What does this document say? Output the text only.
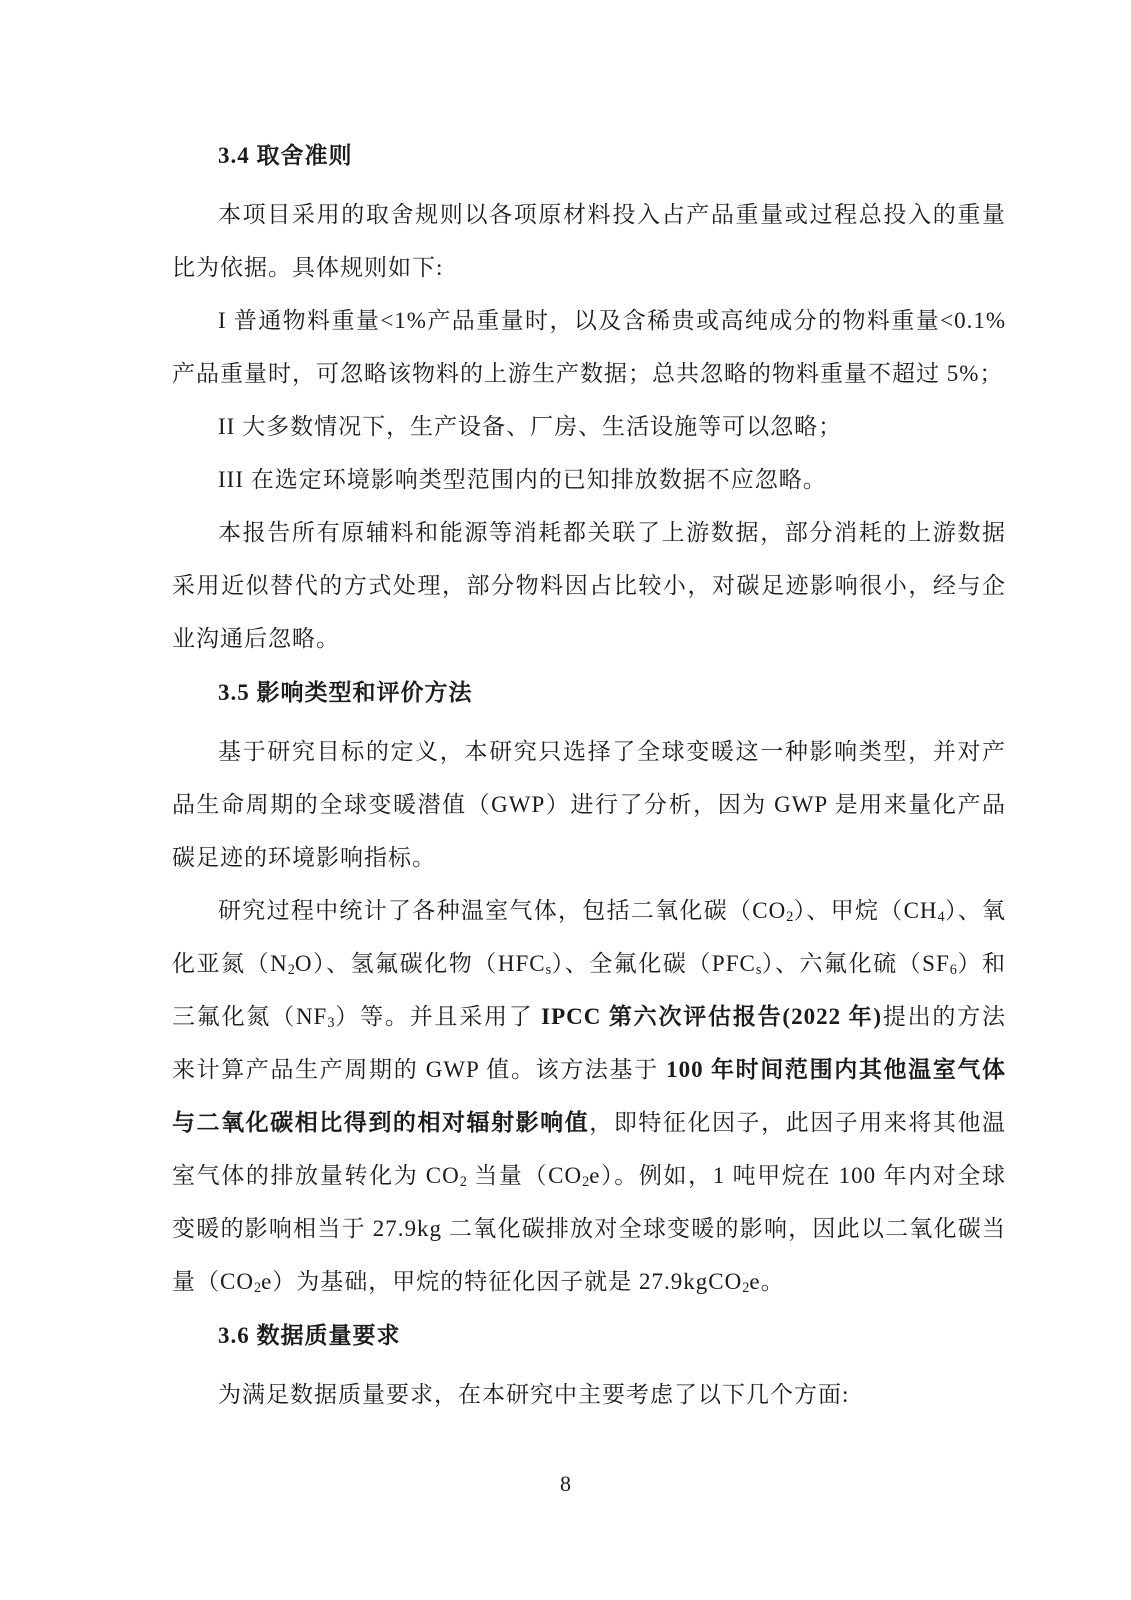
3.4 取舍准则

本项目采用的取舍规则以各项原材料投入占产品重量或过程总投入的重量比为依据。具体规则如下:

I 普通物料重量<1%产品重量时，以及含稀贵或高纯成分的物料重量<0.1%产品重量时，可忽略该物料的上游生产数据；总共忽略的物料重量不超过 5%；

II 大多数情况下，生产设备、厂房、生活设施等可以忽略；

III 在选定环境影响类型范围内的已知排放数据不应忽略。

本报告所有原辅料和能源等消耗都关联了上游数据，部分消耗的上游数据采用近似替代的方式处理，部分物料因占比较小，对碳足迹影响很小，经与企业沟通后忽略。

3.5 影响类型和评价方法

基于研究目标的定义，本研究只选择了全球变暖这一种影响类型，并对产品生命周期的全球变暖潜值（GWP）进行了分析，因为 GWP 是用来量化产品碳足迹的环境影响指标。

研究过程中统计了各种温室气体，包括二氧化碳$(CO_2)$、甲烷$(CH_4)$、氧化亚氮$(N_2O)$、氢氟碳化物$(HFC_s)$、全氟化碳$(PFC_s)$、六氟化硫$(SF_6)$和三氟化氮$(NF_3)$等。并且采用了 IPCC 第六次评估报告(2022 年)提出的方法来计算产品生产周期的 GWP 值。该方法基于 100 年时间范围内其他温室气体与二氧化碳相比得到的相对辐射影响值，即特征化因子，此因子用来将其他温室气体的排放量转化为 $CO_2$ 当量$(CO_2e)$。例如，1 吨甲烷在 100 年内对全球变暖的影响相当于 27.9kg 二氧化碳排放对全球变暖的影响，因此以二氧化碳当量$(CO_2e)$为基础，甲烷的特征化因子就是 27.9kgCO$_2$e。

3.6 数据质量要求

为满足数据质量要求，在本研究中主要考虑了以下几个方面:

8
